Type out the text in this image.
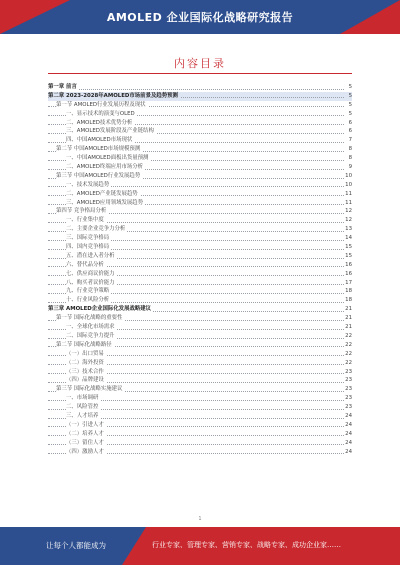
AMOLED 企业国际化战略研究报告
内容目录
第一章 前言	5
第二章 2023-2028年AMOLED市场前景及趋势预测	5
第一节 AMOLED行业发展历程及现状	5
一、显示技术的演变与OLED	5
二、AMOLED技术优势分析	6
三、AMOLED发展阶段及产业链结构	6
四、中国AMOLED市场现状	7
第二节 中国AMOLED市场规模预测	8
一、中国AMOLED面板出货量预测	8
二、AMOLED终端应用市场分析	9
第三节 中国AMOLED行业发展趋势	10
一、技术发展趋势	10
二、AMOLED产业链发展趋势	11
三、AMOLED应用领域发展趋势	11
第四节 竞争格局分析	12
一、行业集中度	12
二、主要企业竞争力分析	13
三、国际竞争格局	14
四、国内竞争格局	15
五、潜在进入者分析	15
六、替代品分析	16
七、供应商议价能力	16
八、购买者议价能力	17
九、行业竞争策略	18
十、行业风险分析	18
第三章 AMOLED企业国际化发展战略建议	21
第一节 国际化战略的重要性	21
一、全球化市场需求	21
二、国际竞争力提升	22
第二节 国际化战略路径	22
（一）出口贸易	22
（二）海外投资	22
（三）技术合作	23
（四）品牌建设	23
第三节 国际化战略实施建议	23
一、市场调研	23
二、风险管控	23
三、人才培养	24
（一）引进人才	24
（二）培养人才	24
（三）留住人才	24
（四）激励人才	24
1
让每个人都能成为	行业专家、管理专家、营销专家、战略专家、成功企业家……
